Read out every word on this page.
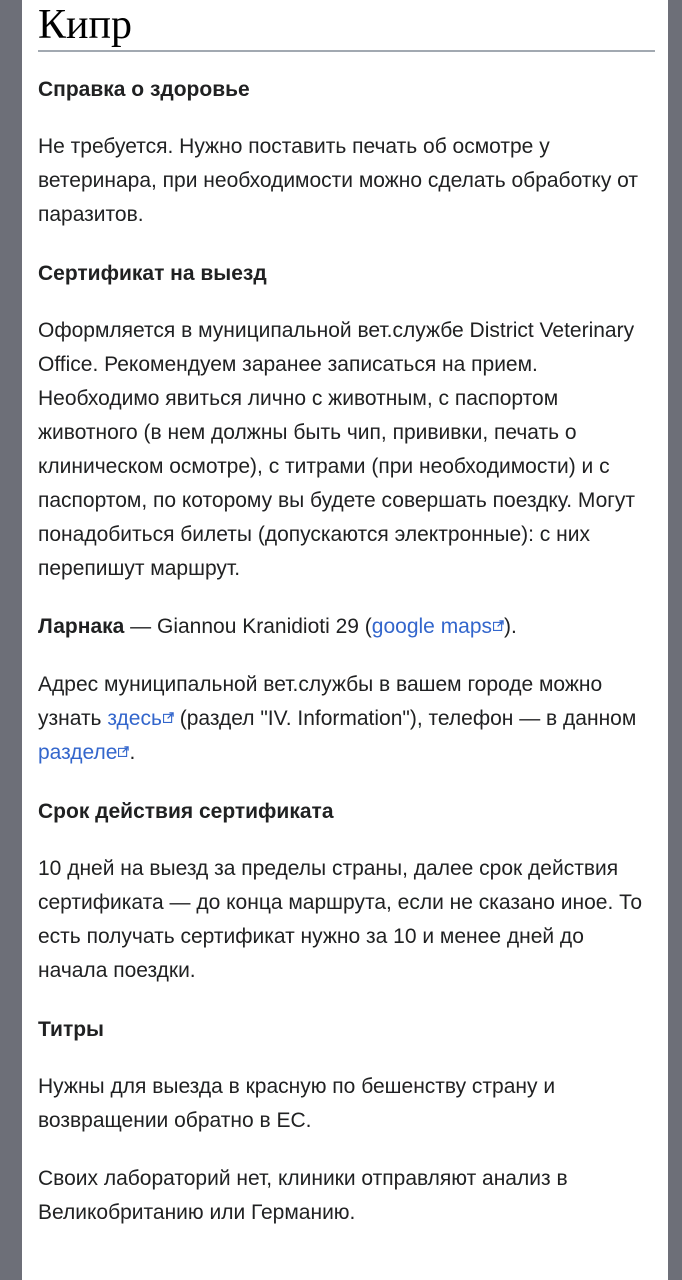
Кипр
Справка о здоровье

Не требуется. Нужно поставить печать об осмотре у ветеринара, при необходимости можно сделать обработку от паразитов.

Сертификат на выезд

Оформляется в муниципальной вет.службе District Veterinary Office. Рекомендуем заранее записаться на прием. Необходимо явиться лично с животным, с паспортом животного (в нем должны быть чип, прививки, печать о клиническом осмотре), с титрами (при необходимости) и с паспортом, по которому вы будете совершать поездку. Могут понадобиться билеты (допускаются электронные): с них перепишут маршрут.

Ларнака — Giannou Kranidioti 29 (google maps ).

Адрес муниципальной вет.службы в вашем городе можно узнать здесь (раздел "IV. Information"), телефон — в данном разделе .

Срок действия сертификата

10 дней на выезд за пределы страны, далее срок действия сертификата — до конца маршрута, если не сказано иное. То есть получать сертификат нужно за 10 и менее дней до начала поездки.

Титры

Нужны для выезда в красную по бешенству страну и возвращении обратно в ЕС.

Своих лабораторий нет, клиники отправляют анализ в Великобританию или Германию.
